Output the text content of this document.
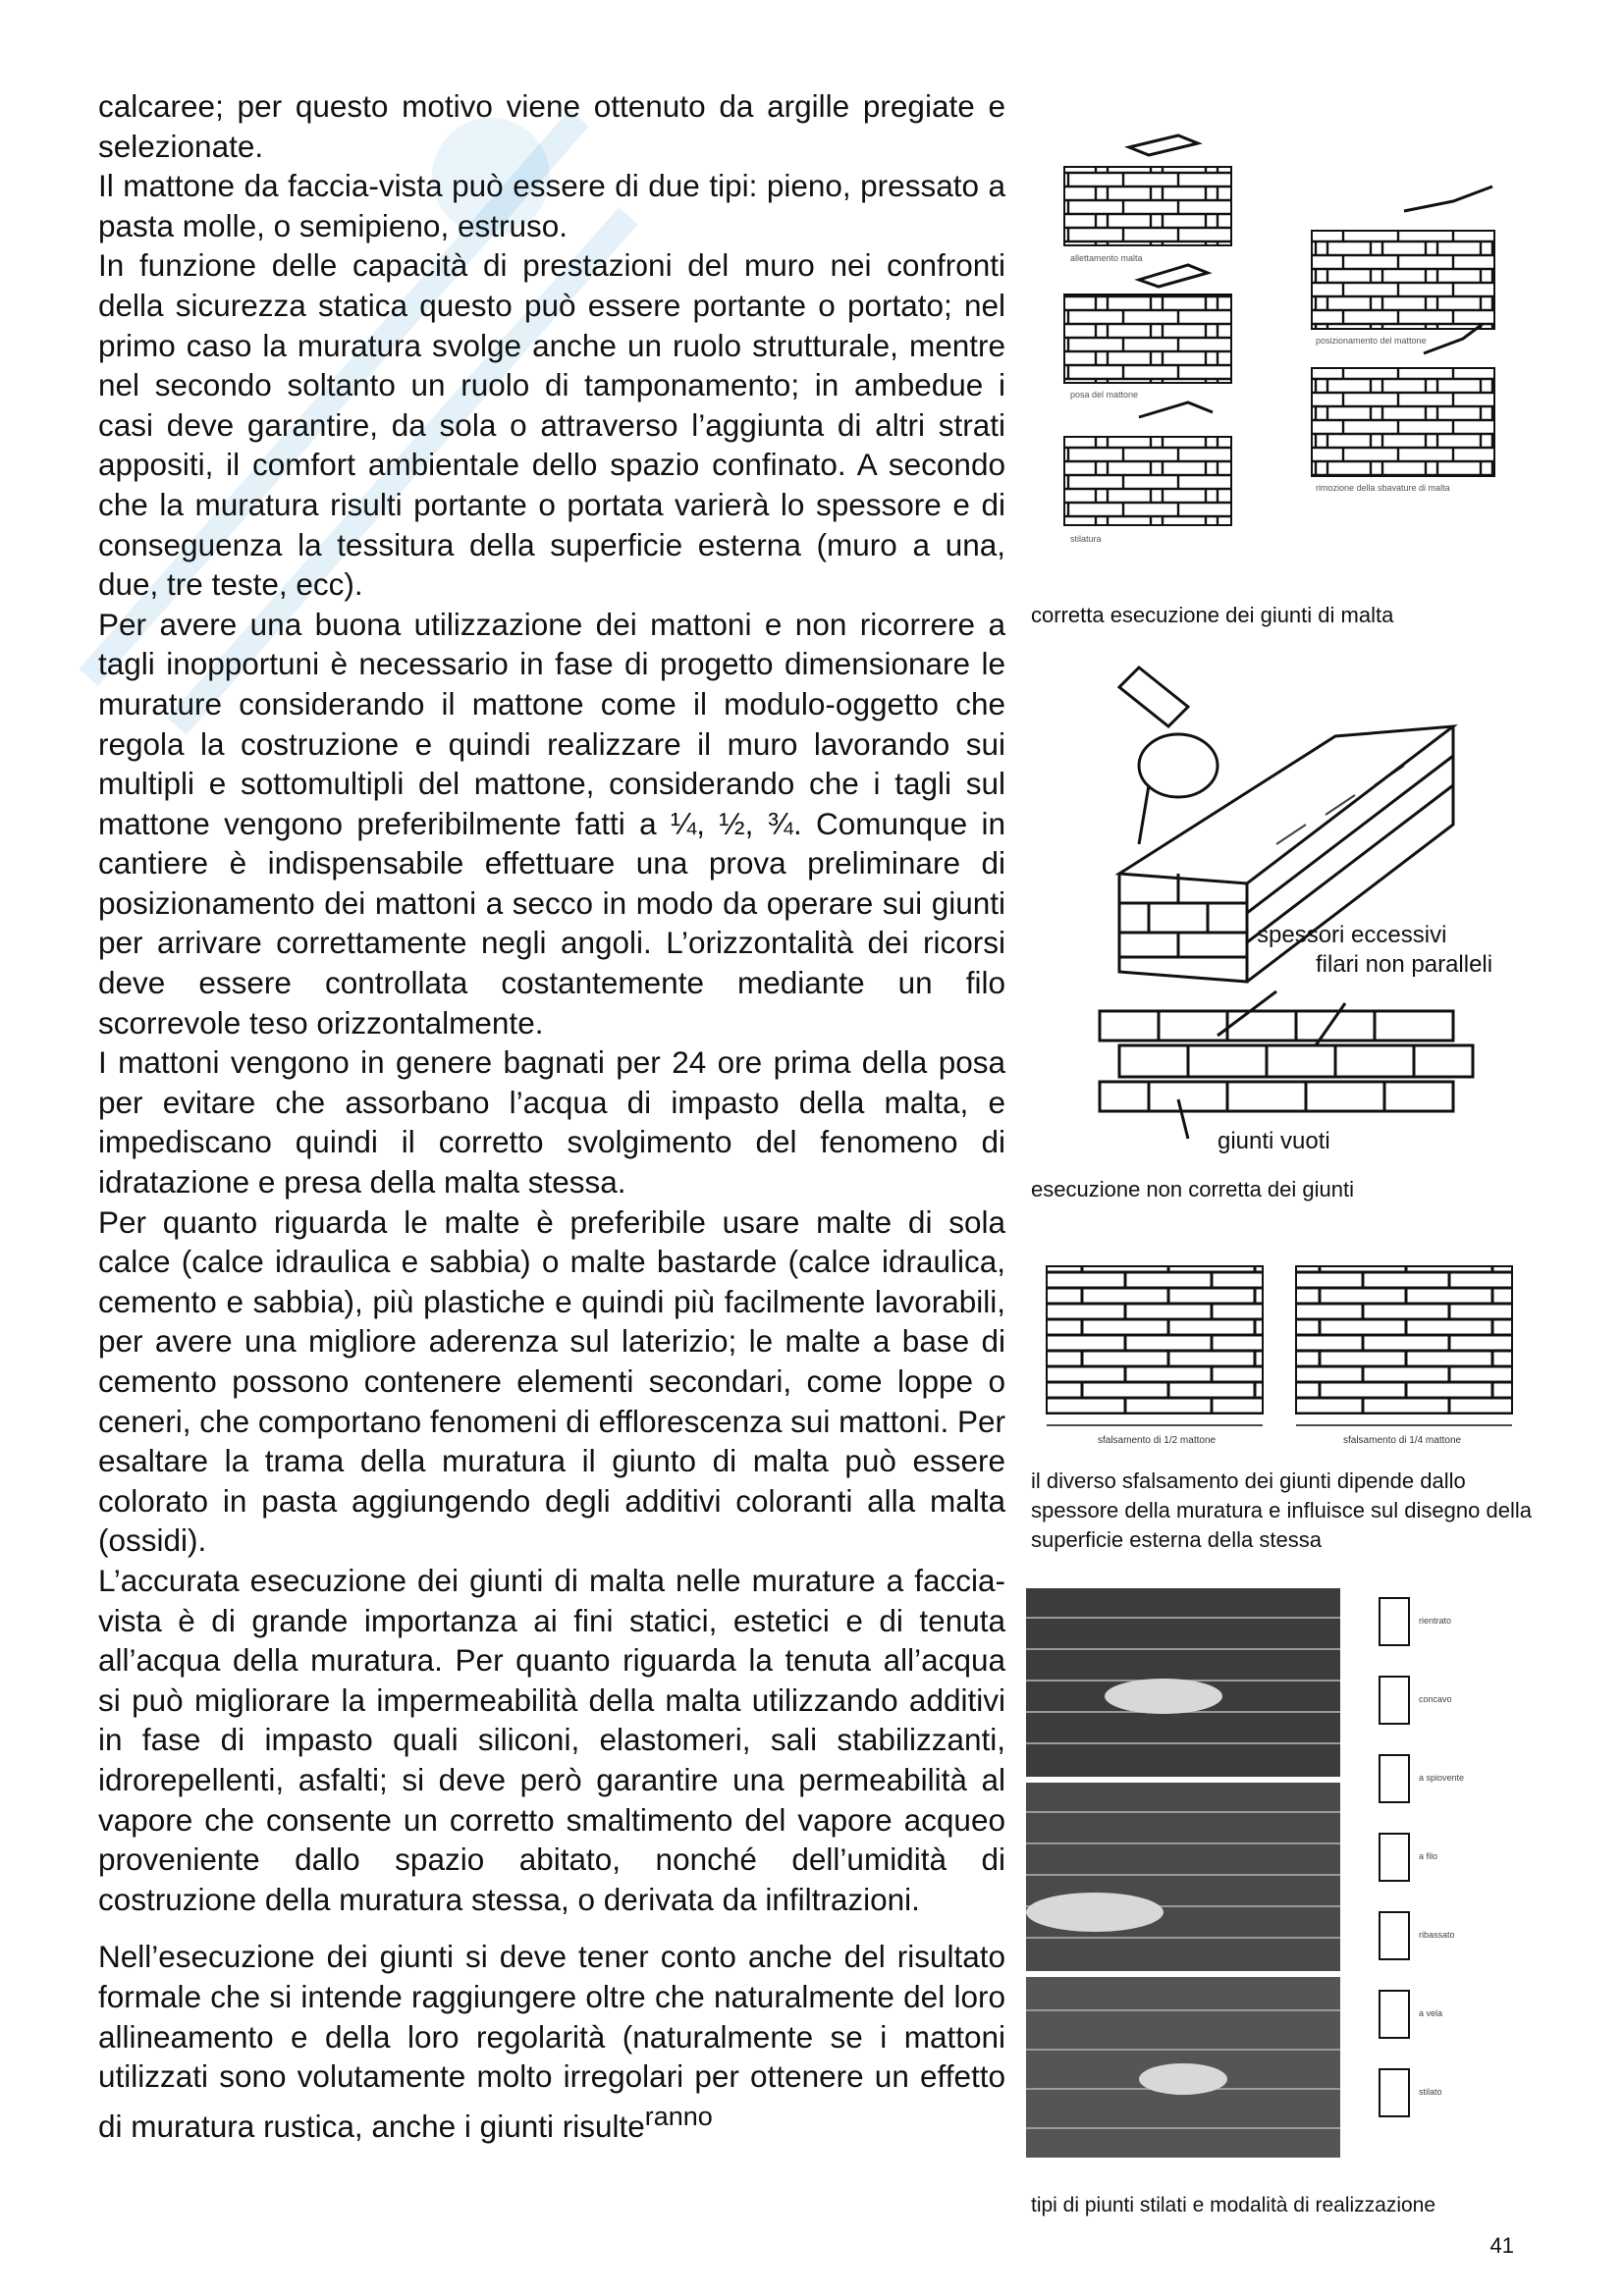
calcaree; per questo motivo viene ottenuto da argille pregiate e selezionate.

Il mattone da faccia-vista può essere di due tipi: pieno, pressato a pasta molle, o semipieno, estruso.

In funzione delle capacità di prestazioni del muro nei confronti della sicurezza statica questo può essere portante o portato; nel primo caso la muratura svolge anche un ruolo strutturale, mentre nel secondo soltanto un ruolo di tamponamento; in ambedue i casi deve garantire, da sola o attraverso l’aggiunta di altri strati appositi, il comfort ambientale dello spazio confinato. A secondo che la muratura risulti portante o portata varierà lo spessore e di conseguenza la tessitura della superficie esterna (muro a una, due, tre teste, ecc).

Per avere una buona utilizzazione dei mattoni e non ricorrere a tagli inopportuni è necessario in fase di progetto dimensionare le murature considerando il mattone come il modulo-oggetto che regola la costruzione e quindi realizzare il muro lavorando sui multipli e sottomultipli del mattone, considerando che i tagli sul mattone vengono preferibilmente fatti a ¼, ½, ¾. Comunque in cantiere è indispensabile effettuare una prova preliminare di posizionamento dei mattoni a secco in modo da operare sui giunti per arrivare correttamente negli angoli. L’orizzontalità dei ricorsi deve essere controllata costantemente mediante un filo scorrevole teso orizzontalmente.

I mattoni vengono in genere bagnati per 24 ore prima della posa per evitare che assorbano l’acqua di impasto della malta, e impediscano quindi il corretto svolgimento del fenomeno di idratazione e presa della malta stessa.

Per quanto riguarda le malte è preferibile usare malte di sola calce (calce idraulica e sabbia) o malte bastarde (calce idraulica, cemento e sabbia), più plastiche e quindi più facilmente lavorabili, per avere una migliore aderenza sul laterizio; le malte a base di cemento possono contenere elementi secondari, come loppe o ceneri, che comportano fenomeni di efflorescenza sui mattoni. Per esaltare la trama della muratura il giunto di malta può essere colorato in pasta aggiungendo degli additivi coloranti alla malta (ossidi).

L’accurata esecuzione dei giunti di malta nelle murature a faccia-vista è di grande importanza ai fini statici, estetici e di tenuta all’acqua della muratura. Per quanto riguarda la tenuta all’acqua si può migliorare la impermeabilità della malta utilizzando additivi in fase di impasto quali siliconi, elastomeri, sali stabilizzanti, idrorepellenti, asfalti; si deve però garantire una permeabilità al vapore che consente un corretto smaltimento del vapore acqueo proveniente dallo spazio abitato, nonché dell’umidità di costruzione della muratura stessa, o derivata da infiltrazioni.

Nell’esecuzione dei giunti si deve tener conto anche del risultato formale che si intende raggiungere oltre che naturalmente del loro allineamento e della loro regolarità (naturalmente se i mattoni utilizzati sono volutamente molto irregolari per ottenere un effetto di muratura rustica, anche i giunti risulteranno

allettamento malta
posizionamento del mattone
posa del mattone
rimozione della sbavature di malta
stilatura
corretta esecuzione dei giunti di malta
spessori eccessivi
filari non paralleli
giunti vuoti
esecuzione non corretta dei giunti
sfalsamento di 1/2 mattone	sfalsamento di 1/4 mattone
il diverso sfalsamento dei giunti dipende dallo spessore della muratura e influisce sul disegno della superficie esterna della stessa
rientrato
concavo
a spiovente
a filo
ribassato
a vela
stilato
tipi di piunti stilati e modalità di realizzazione
41
